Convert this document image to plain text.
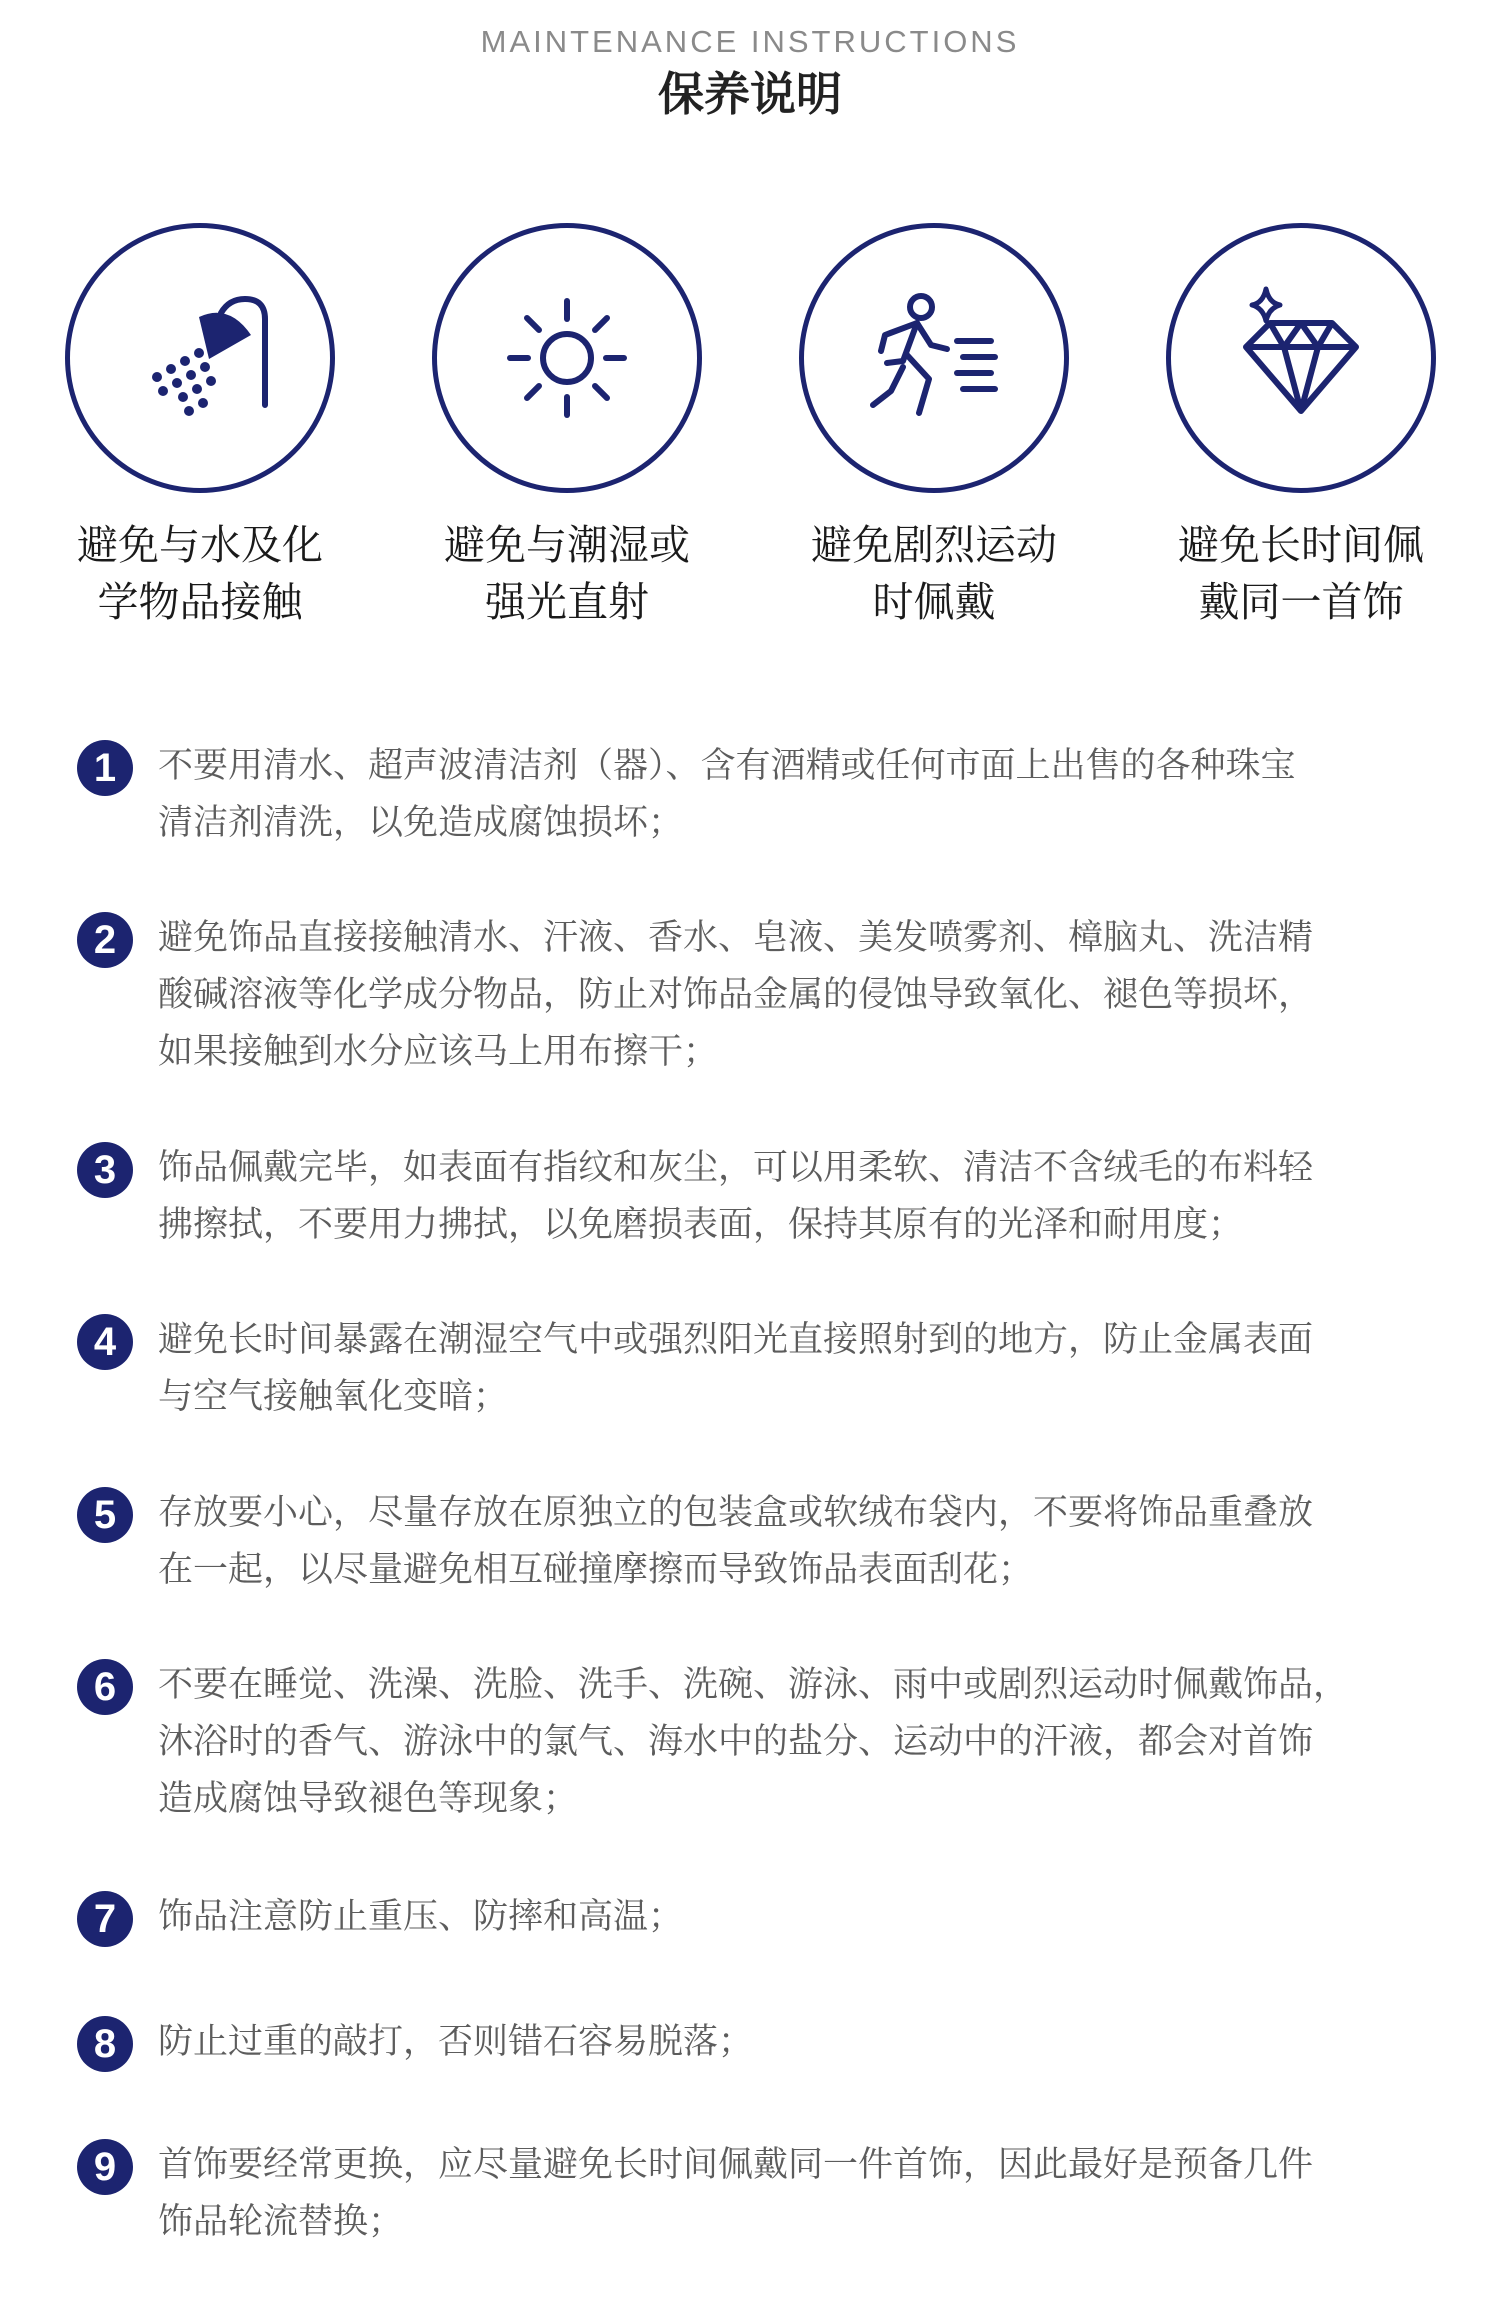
MAINTENANCE INSTRUCTIONS
保养说明
避免与水及化
学物品接触
避免与潮湿或
强光直射
避免剧烈运动
时佩戴
避免长时间佩
戴同一首饰
1	不要用清水、超声波清洁剂（器）、含有酒精或任何市面上出售的各种珠宝
清洁剂清洗，以免造成腐蚀损坏；
2	避免饰品直接接触清水、汗液、香水、皂液、美发喷雾剂、樟脑丸、洗洁精
酸碱溶液等化学成分物品，防止对饰品金属的侵蚀导致氧化、褪色等损坏，
如果接触到水分应该马上用布擦干；
3	饰品佩戴完毕，如表面有指纹和灰尘，可以用柔软、清洁不含绒毛的布料轻
拂擦拭，不要用力拂拭，以免磨损表面，保持其原有的光泽和耐用度；
4	避免长时间暴露在潮湿空气中或强烈阳光直接照射到的地方，防止金属表面
与空气接触氧化变暗；
5	存放要小心，尽量存放在原独立的包装盒或软绒布袋内，不要将饰品重叠放
在一起，以尽量避免相互碰撞摩擦而导致饰品表面刮花；
6	不要在睡觉、洗澡、洗脸、洗手、洗碗、游泳、雨中或剧烈运动时佩戴饰品，
沐浴时的香气、游泳中的氯气、海水中的盐分、运动中的汗液，都会对首饰
造成腐蚀导致褪色等现象；
7	饰品注意防止重压、防摔和高温；
8	防止过重的敲打，否则错石容易脱落；
9	首饰要经常更换，应尽量避免长时间佩戴同一件首饰，因此最好是预备几件
饰品轮流替换；
